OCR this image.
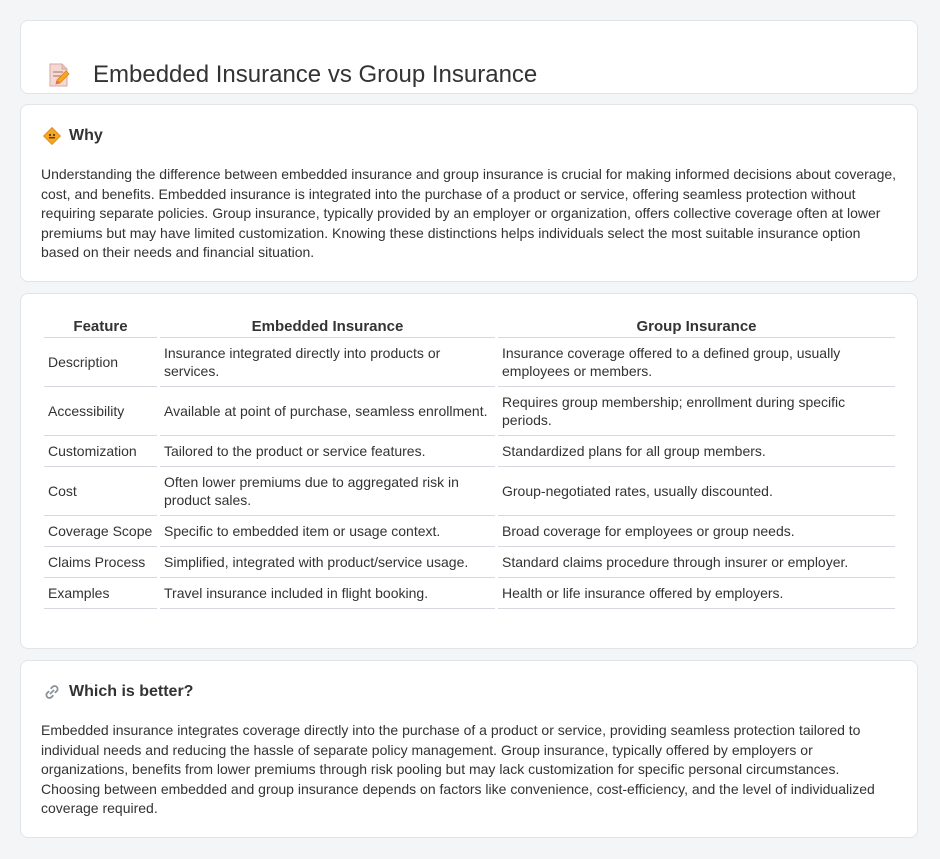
Embedded Insurance vs Group Insurance
Why

Understanding the difference between embedded insurance and group insurance is crucial for making informed decisions about coverage, cost, and benefits. Embedded insurance is integrated into the purchase of a product or service, offering seamless protection without requiring separate policies. Group insurance, typically provided by an employer or organization, offers collective coverage often at lower premiums but may have limited customization. Knowing these distinctions helps individuals select the most suitable insurance option based on their needs and financial situation.

Feature	Embedded Insurance	Group Insurance
Description	Insurance integrated directly into products or services.	Insurance coverage offered to a defined group, usually employees or members.
Accessibility	Available at point of purchase, seamless enrollment.	Requires group membership; enrollment during specific periods.
Customization	Tailored to the product or service features.	Standardized plans for all group members.
Cost	Often lower premiums due to aggregated risk in product sales.	Group-negotiated rates, usually discounted.
Coverage Scope	Specific to embedded item or usage context.	Broad coverage for employees or group needs.
Claims Process	Simplified, integrated with product/service usage.	Standard claims procedure through insurer or employer.
Examples	Travel insurance included in flight booking.	Health or life insurance offered by employers.
Which is better?

Embedded insurance integrates coverage directly into the purchase of a product or service, providing seamless protection tailored to individual needs and reducing the hassle of separate policy management. Group insurance, typically offered by employers or organizations, benefits from lower premiums through risk pooling but may lack customization for specific personal circumstances. Choosing between embedded and group insurance depends on factors like convenience, cost-efficiency, and the level of individualized coverage required.
